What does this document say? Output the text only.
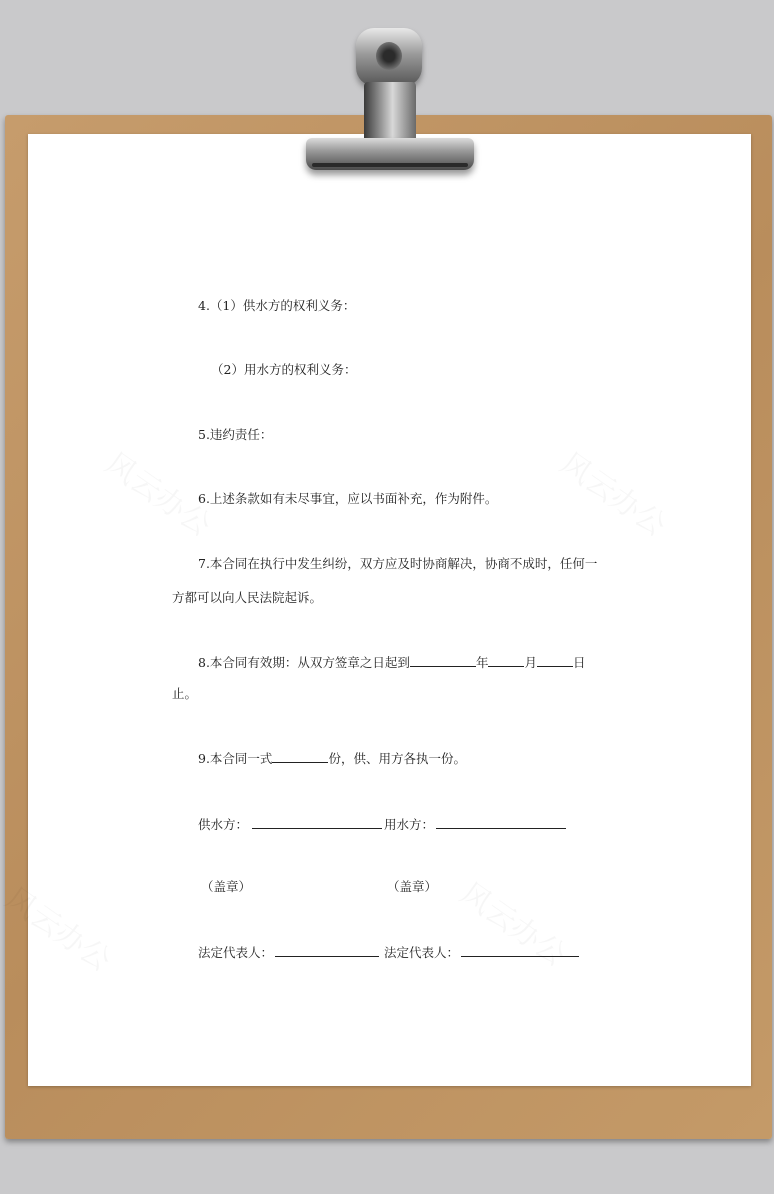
4.（1）供水方的权利义务：
（2）用水方的权利义务：
5.违约责任：
6.上述条款如有未尽事宜，应以书面补充，作为附件。
7.本合同在执行中发生纠纷，双方应及时协商解决，协商不成时，任何一
方都可以向人民法院起诉。
8.本合同有效期：从双方签章之日起到	年	月	日
止。
9.本合同一式	份，供、用方各执一份。
供水方：	用水方：
（盖章）	（盖章）
法定代表人：	法定代表人：
